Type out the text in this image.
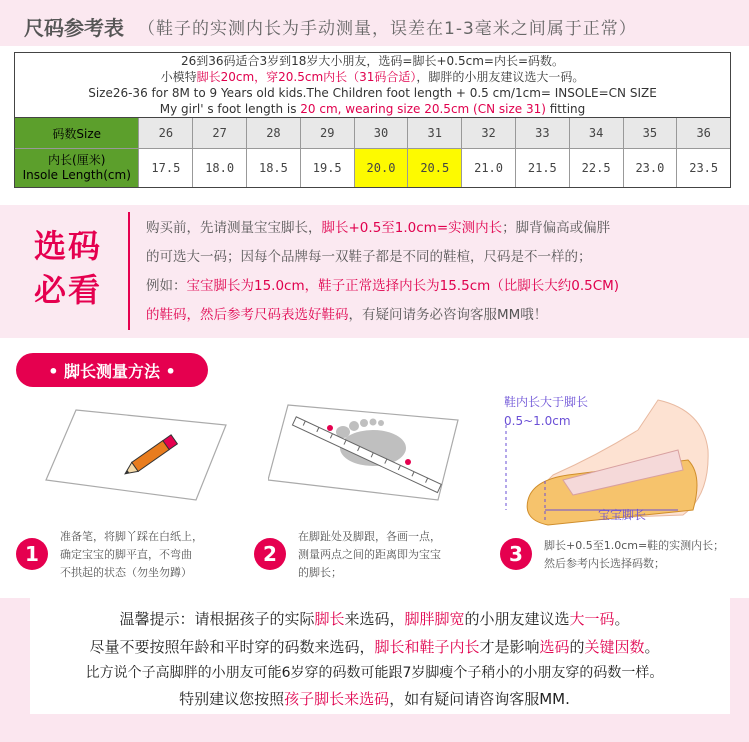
尺码参考表 （鞋子的实测内长为手动测量，误差在1-3毫米之间属于正常）
26到36码适合3岁到18岁大小朋友，选码=脚长+0.5cm=内长=码数。
小模特脚长20cm，穿20.5cm内长（31码合适），脚胖的小朋友建议选大一码。
Size26-36 for 8M to 9 Years old kids.The Children foot length + 0.5 cm/1cm= INSOLE=CN SIZE
My girl' s foot length is 20 cm, wearing size 20.5cm (CN size 31) fitting
码数Size	26	27	28	29	30	31	32	33	34	35	36
内长(厘米)
Insole Length(cm)	17.5	18.0	18.5	19.5	20.0	20.5	21.0	21.5	22.5	23.0	23.5
选码
必看
购买前，先请测量宝宝脚长，脚长+0.5至1.0cm=实测内长；脚背偏高或偏胖
的可选大一码；因每个品牌每一双鞋子都是不同的鞋楦，尺码是不一样的；
例如：宝宝脚长为15.0cm，鞋子正常选择内长为15.5cm（比脚长大约0.5CM)
的鞋码，然后参考尺码表选好鞋码，有疑问请务必咨询客服MM哦！
• 脚长测量方法 •
鞋内长大于脚长
0.5~1.0cm
宝宝脚长
1
准备笔，将脚丫踩在白纸上，
确定宝宝的脚平直，不弯曲
不拱起的状态（勿坐勿蹲）
2
在脚趾处及脚跟，各画一点，
测量两点之间的距离即为宝宝
的脚长；
3	脚长+0.5至1.0cm=鞋的实测内长；
然后参考内长选择码数；
温馨提示：请根据孩子的实际脚长来选码，脚胖脚宽的小朋友建议选大一码。
尽量不要按照年龄和平时穿的码数来选码，脚长和鞋子内长才是影响选码的关键因数。
比方说个子高脚胖的小朋友可能6岁穿的码数可能跟7岁脚瘦个子稍小的小朋友穿的码数一样。
特别建议您按照孩子脚长来选码，如有疑问请咨询客服MM.
